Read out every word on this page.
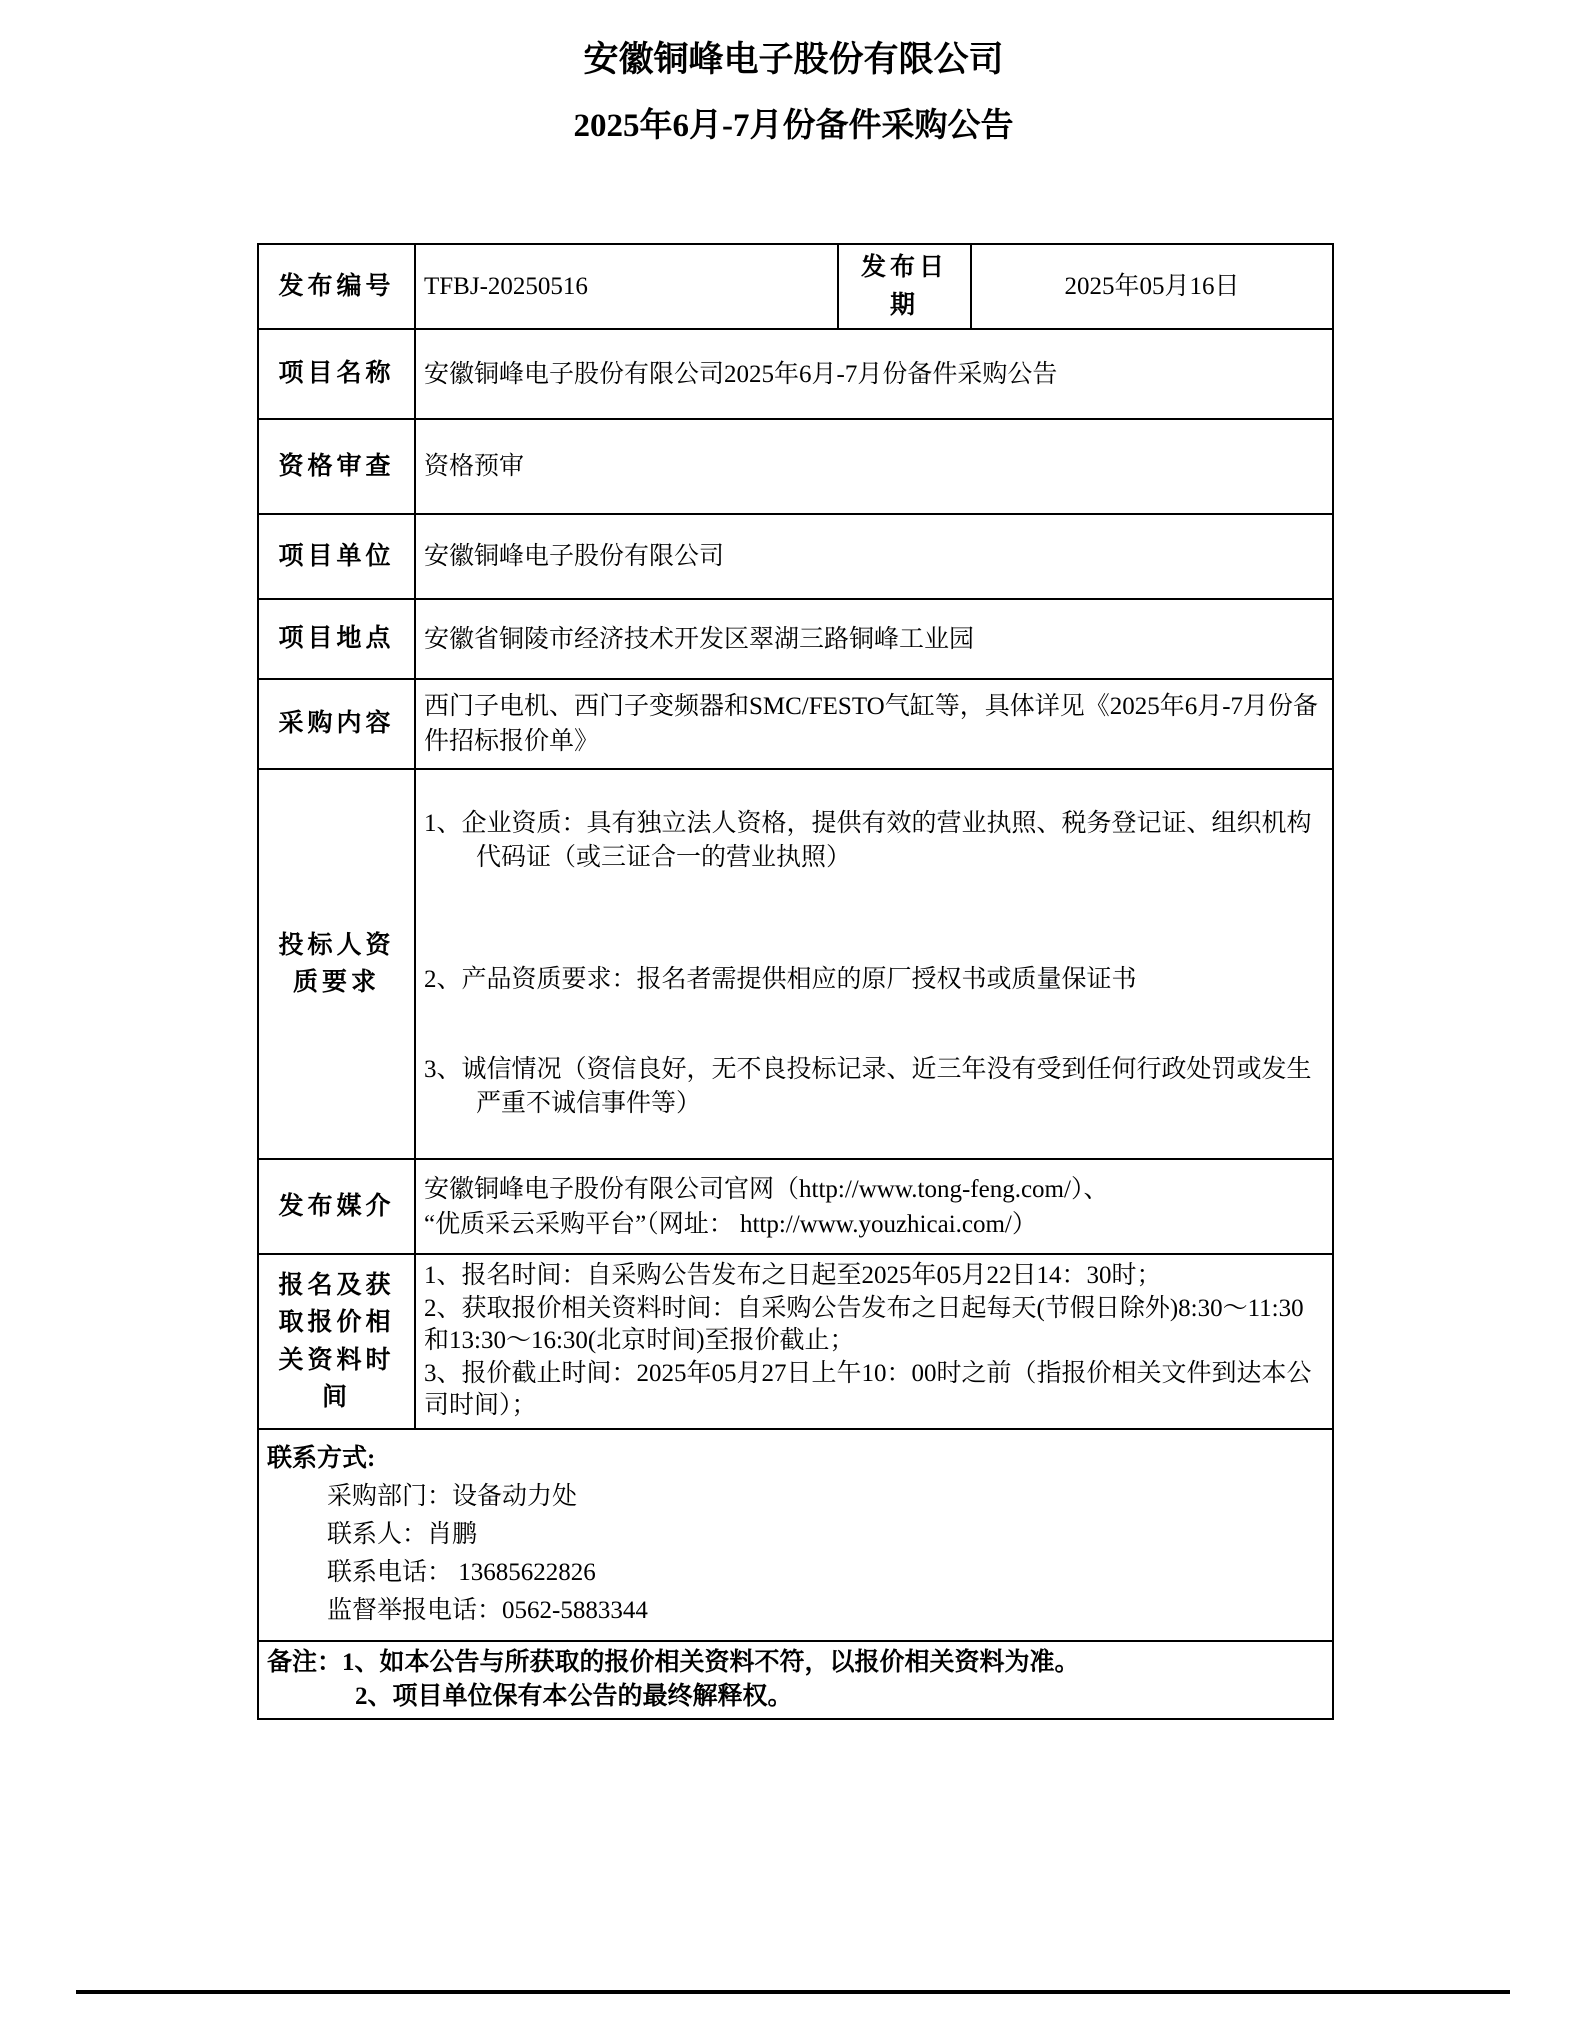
安徽铜峰电子股份有限公司
2025年6月-7月份备件采购公告
发布编号	TFBJ-20250516	发布日期	2025年05月16日
项目名称	安徽铜峰电子股份有限公司2025年6月-7月份备件采购公告		
资格审查	资格预审		
项目单位	安徽铜峰电子股份有限公司		
项目地点	安徽省铜陵市经济技术开发区翠湖三路铜峰工业园		
采购内容	西门子电机、西门子变频器和SMC/FESTO气缸等，具体详见《2025年6月-7月份备件招标报价单》		
投标人资质要求	1、企业资质：具有独立法人资格，提供有效的营业执照、税务登记证、组织机构代码证（或三证合一的营业执照）
2、产品资质要求：报名者需提供相应的原厂授权书或质量保证书
3、诚信情况（资信良好，无不良投标记录、近三年没有受到任何行政处罚或发生严重不诚信事件等）		

发布媒介	安徽铜峰电子股份有限公司官网（http://www.tong-feng.com/）、
“优质采云采购平台”（网址： http://www.youzhicai.com/）		

报名及获取报价相关资料时间	1、报名时间：自采购公告发布之日起至2025年05月22日14：30时；
2、获取报价相关资料时间：自采购公告发布之日起每天(节假日除外)8:30～11:30和13:30～16:30(北京时间)至报价截止；
3、报价截止时间：2025年05月27日上午10：00时之前（指报价相关文件到达本公司时间）；		

联系方式:
采购部门：设备动力处
联系人：肖鹏
联系电话： 13685622826
监督举报电话：0562-5883344			

备注：1、如本公告与所获取的报价相关资料不符，以报价相关资料为准。
2、项目单位保有本公告的最终解释权。			
